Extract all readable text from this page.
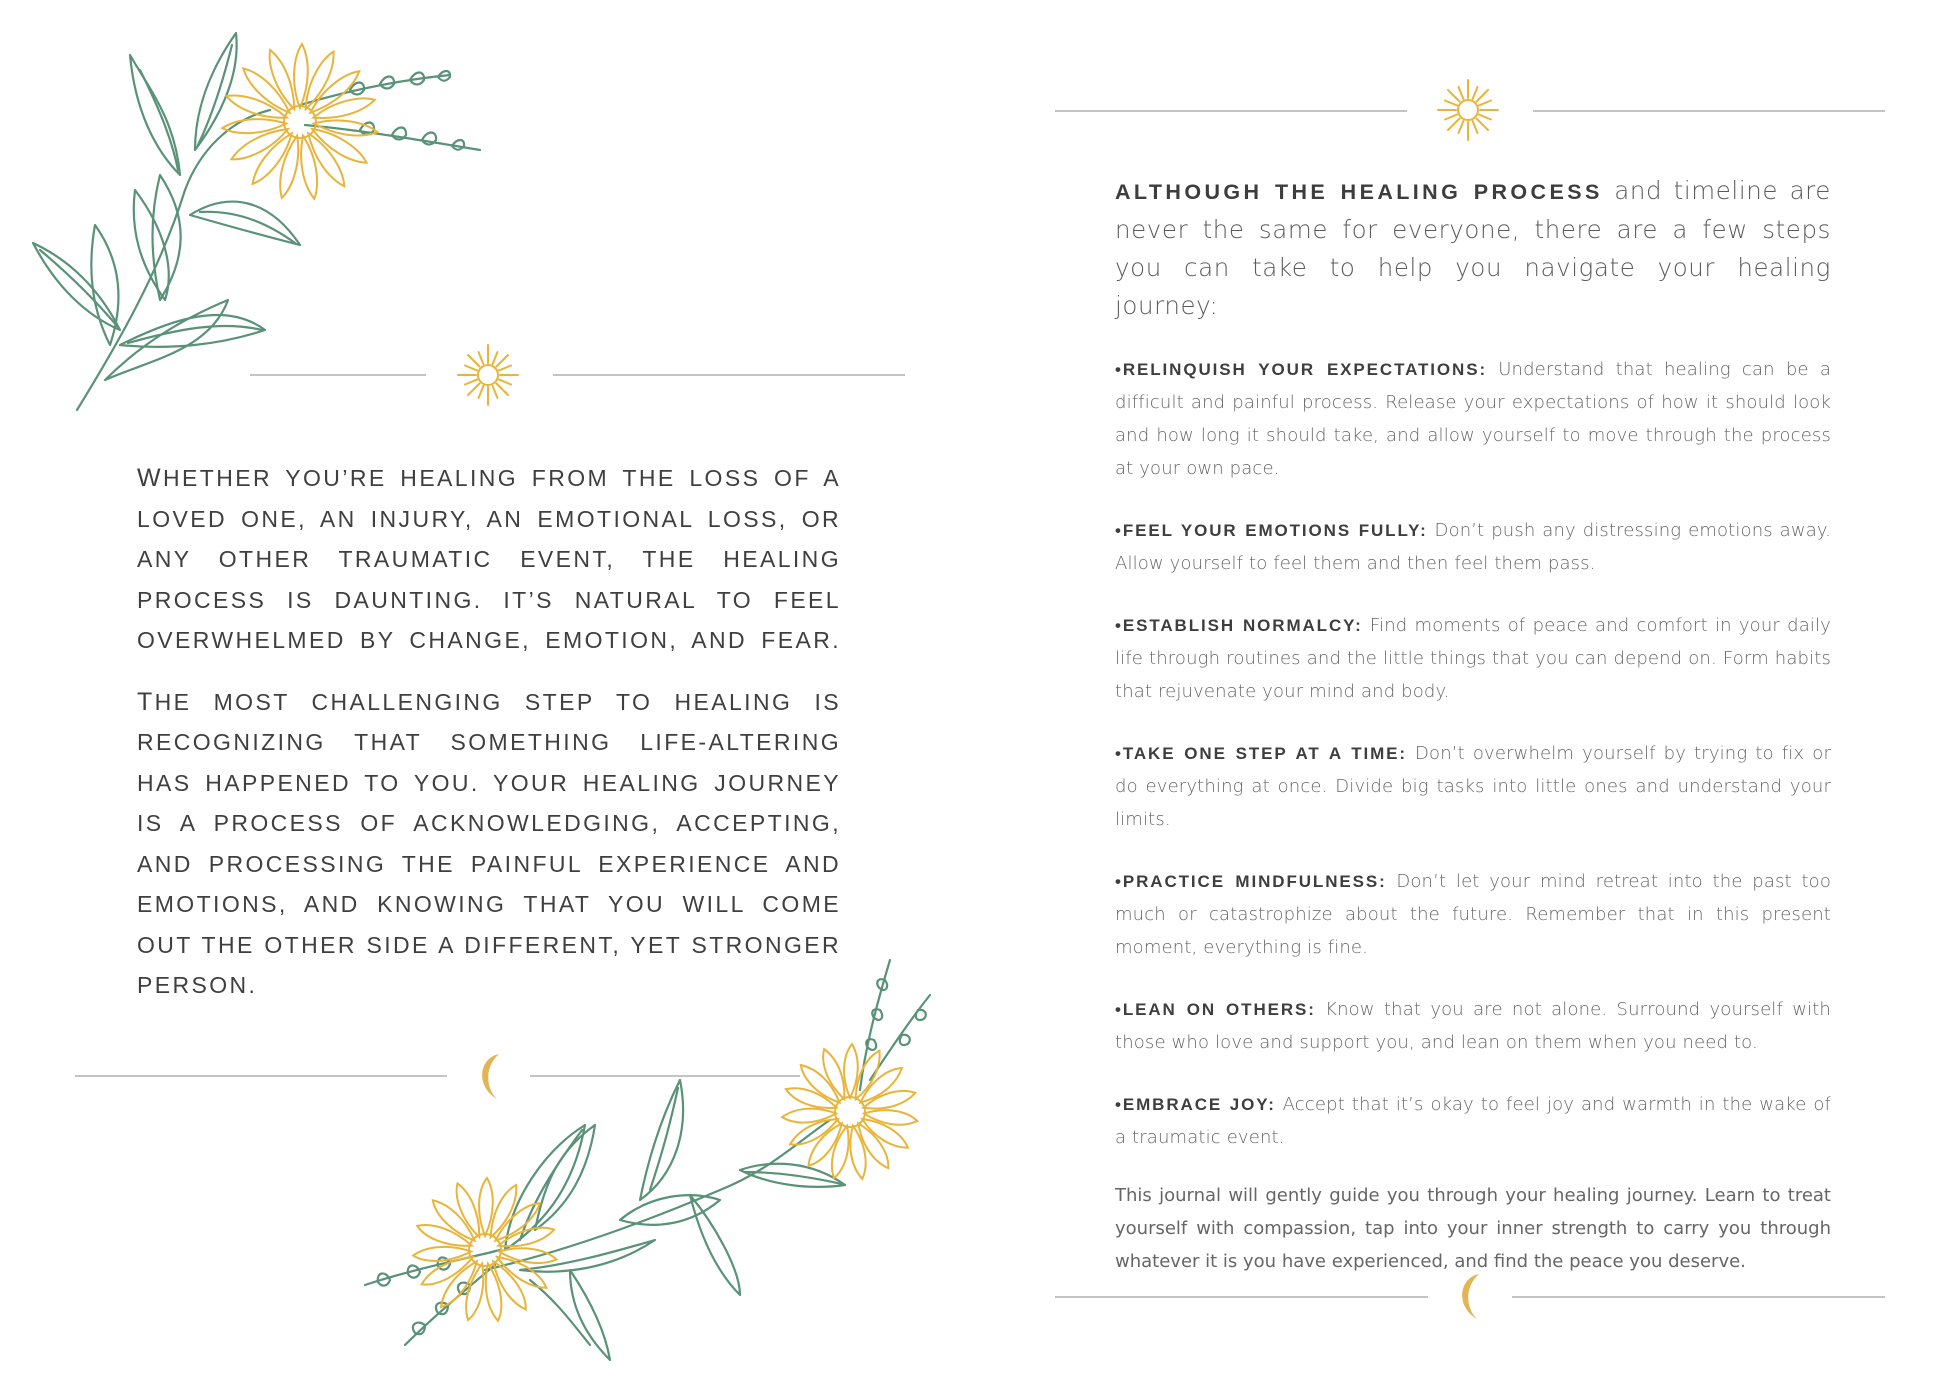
WHETHER YOU’RE HEALING FROM THE LOSS OF A LOVED ONE, AN INJURY, AN EMOTIONAL LOSS, OR ANY OTHER TRAUMATIC EVENT, THE HEALING PROCESS IS DAUNTING. IT’S NATURAL TO FEEL OVERWHELMED BY CHANGE, EMOTION, AND FEAR.

THE MOST CHALLENGING STEP TO HEALING IS RECOGNIZING THAT SOMETHING LIFE-ALTERING HAS HAPPENED TO YOU. YOUR HEALING JOURNEY IS A PROCESS OF ACKNOWLEDGING, ACCEPTING, AND PROCESSING THE PAINFUL EXPERIENCE AND EMOTIONS, AND KNOWING THAT YOU WILL COME OUT THE OTHER SIDE A DIFFERENT, YET STRONGER PERSON.

ALTHOUGH THE HEALING PROCESS and timeline are never the same for everyone, there are a few steps you can take to help you navigate your healing journey:

•RELINQUISH YOUR EXPECTATIONS: Understand that healing can be a difficult and painful process. Release your expectations of how it should look and how long it should take, and allow yourself to move through the process at your own pace.

•FEEL YOUR EMOTIONS FULLY: Don’t push any distressing emotions away. Allow yourself to feel them and then feel them pass.

•ESTABLISH NORMALCY: Find moments of peace and comfort in your daily life through routines and the little things that you can depend on. Form habits that rejuvenate your mind and body.

•TAKE ONE STEP AT A TIME: Don’t overwhelm yourself by trying to fix or do everything at once. Divide big tasks into little ones and understand your limits.

•PRACTICE MINDFULNESS: Don’t let your mind retreat into the past too much or catastrophize about the future. Remember that in this present moment, everything is fine.

•LEAN ON OTHERS: Know that you are not alone. Surround yourself with those who love and support you, and lean on them when you need to.

•EMBRACE JOY: Accept that it’s okay to feel joy and warmth in the wake of a traumatic event.

This journal will gently guide you through your healing journey. Learn to treat yourself with compassion, tap into your inner strength to carry you through whatever it is you have experienced, and find the peace you deserve.
